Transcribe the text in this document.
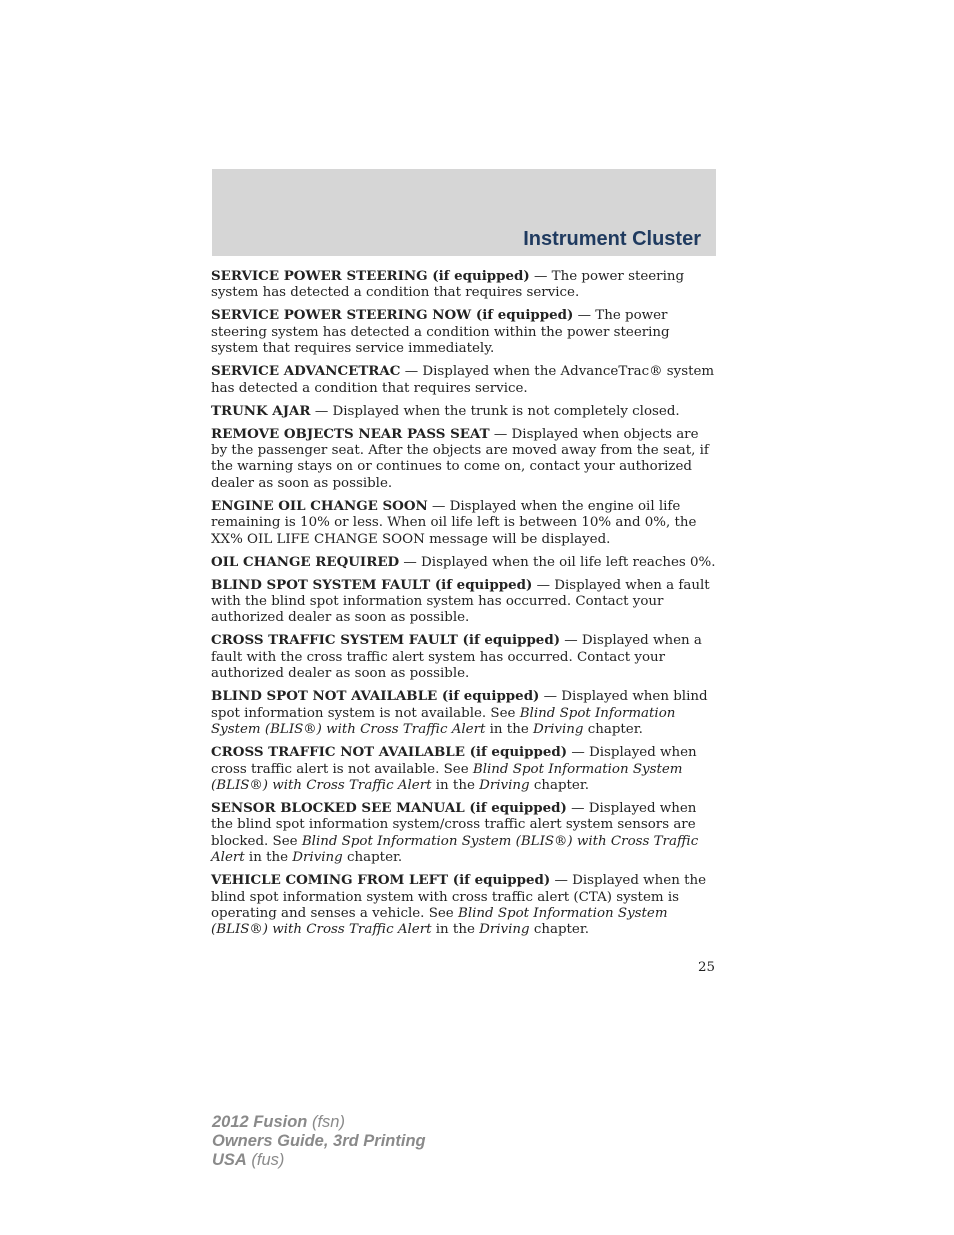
Instrument Cluster

SERVICE POWER STEERING (if equipped) — The power steering system has detected a condition that requires service.

SERVICE POWER STEERING NOW (if equipped) — The power steering system has detected a condition within the power steering system that requires service immediately.

SERVICE ADVANCETRAC — Displayed when the AdvanceTrac® system has detected a condition that requires service.

TRUNK AJAR — Displayed when the trunk is not completely closed.

REMOVE OBJECTS NEAR PASS SEAT — Displayed when objects are by the passenger seat. After the objects are moved away from the seat, if the warning stays on or continues to come on, contact your authorized dealer as soon as possible.

ENGINE OIL CHANGE SOON — Displayed when the engine oil life remaining is 10% or less. When oil life left is between 10% and 0%, the XX% OIL LIFE CHANGE SOON message will be displayed.

OIL CHANGE REQUIRED — Displayed when the oil life left reaches 0%.

BLIND SPOT SYSTEM FAULT (if equipped) — Displayed when a fault with the blind spot information system has occurred. Contact your authorized dealer as soon as possible.

CROSS TRAFFIC SYSTEM FAULT (if equipped) — Displayed when a fault with the cross traffic alert system has occurred. Contact your authorized dealer as soon as possible.

BLIND SPOT NOT AVAILABLE (if equipped) — Displayed when blind spot information system is not available. See Blind Spot Information System (BLIS®) with Cross Traffic Alert in the Driving chapter.

CROSS TRAFFIC NOT AVAILABLE (if equipped) — Displayed when cross traffic alert is not available. See Blind Spot Information System (BLIS®) with Cross Traffic Alert in the Driving chapter.

SENSOR BLOCKED SEE MANUAL (if equipped) — Displayed when the blind spot information system/cross traffic alert system sensors are blocked. See Blind Spot Information System (BLIS®) with Cross Traffic Alert in the Driving chapter.

VEHICLE COMING FROM LEFT (if equipped) — Displayed when the blind spot information system with cross traffic alert (CTA) system is operating and senses a vehicle. See Blind Spot Information System (BLIS®) with Cross Traffic Alert in the Driving chapter.

25
2012 Fusion (fsn)
Owners Guide, 3rd Printing
USA (fus)
